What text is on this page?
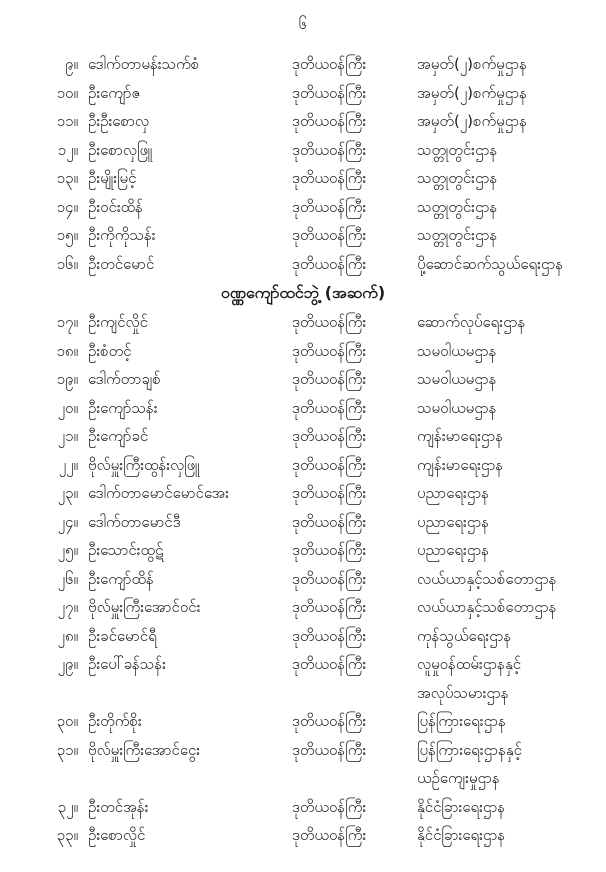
၆
၉။ ဒေါက်တာမန်းသက်စံ	ဒုတိယဝန်ကြီး	အမှတ်(၂)စက်မှုဌာန
၁၀။ ဦးကျော်ဇ	ဒုတိယဝန်ကြီး	အမှတ်(၂)စက်မှုဌာန
၁၁။ ဦးဦးစောလှ	ဒုတိယဝန်ကြီး	အမှတ်(၂)စက်မှုဌာန
၁၂။ ဦးစောလှဖြူ	ဒုတိယဝန်ကြီး	သတ္တုတွင်းဌာန
၁၃။ ဦးမျိုးမြင့်	ဒုတိယဝန်ကြီး	သတ္တုတွင်းဌာန
၁၄။ ဦးဝင်းထိန်	ဒုတိယဝန်ကြီး	သတ္တုတွင်းဌာန
၁၅။ ဦးကိုကိုသန်း	ဒုတိယဝန်ကြီး	သတ္တုတွင်းဌာန
၁၆။ ဦးတင်မောင်	ဒုတိယဝန်ကြီး	ပို့ဆောင်ဆက်သွယ်ရေးဌာန
ဝဏ္ဏကျော်ထင်ဘွဲ့ (အဆက်)
၁၇။ ဦးကျင်လှိုင်	ဒုတိယဝန်ကြီး	ဆောက်လုပ်ရေးဌာန
၁၈။ ဦးစံတင့်	ဒုတိယဝန်ကြီး	သမဝါယမဌာန
၁၉။ ဒေါက်တာချစ်	ဒုတိယဝန်ကြီး	သမဝါယမဌာန
၂၀။ ဦးကျော်သန်း	ဒုတိယဝန်ကြီး	သမဝါယမဌာန
၂၁။ ဦးကျော်ခင်	ဒုတိယဝန်ကြီး	ကျန်းမာရေးဌာန
၂၂။ ဗိုလ်မှူးကြီးထွန်းလှဖြူ	ဒုတိယဝန်ကြီး	ကျန်းမာရေးဌာန
၂၃။ ဒေါက်တာမောင်မောင်အေး	ဒုတိယဝန်ကြီး	ပညာရေးဌာန
၂၄။ ဒေါက်တာမောင်ဒီ	ဒုတိယဝန်ကြီး	ပညာရေးဌာန
၂၅။ ဦးသောင်းထွဋ်	ဒုတိယဝန်ကြီး	ပညာရေးဌာန
၂၆။ ဦးကျော်ထိန်	ဒုတိယဝန်ကြီး	လယ်ယာနှင့်သစ်တောဌာန
၂၇။ ဗိုလ်မှူးကြီးအောင်ဝင်း	ဒုတိယဝန်ကြီး	လယ်ယာနှင့်သစ်တောဌာန
၂၈။ ဦးခင်မောင်ရီ	ဒုတိယဝန်ကြီး	ကုန်သွယ်ရေးဌာန
၂၉။ ဦးပေါ်ခန်သန်း	ဒုတိယဝန်ကြီး	လူမှုဝန်ထမ်းဌာနနှင့်
အလုပ်သမားဌာန
၃၀။ ဦးတိုက်စိုး	ဒုတိယဝန်ကြီး	ပြန်ကြားရေးဌာန
၃၁။ ဗိုလ်မှူးကြီးအောင်ငွေး	ဒုတိယဝန်ကြီး	ပြန်ကြားရေးဌာနနှင့်
ယဉ်ကျေးမှုဌာန
၃၂။ ဦးတင်အုန်း	ဒုတိယဝန်ကြီး	နိုင်ငံခြားရေးဌာန
၃၃။ ဦးစောလှိုင်	ဒုတိယဝန်ကြီး	နိုင်ငံခြားရေးဌာန
